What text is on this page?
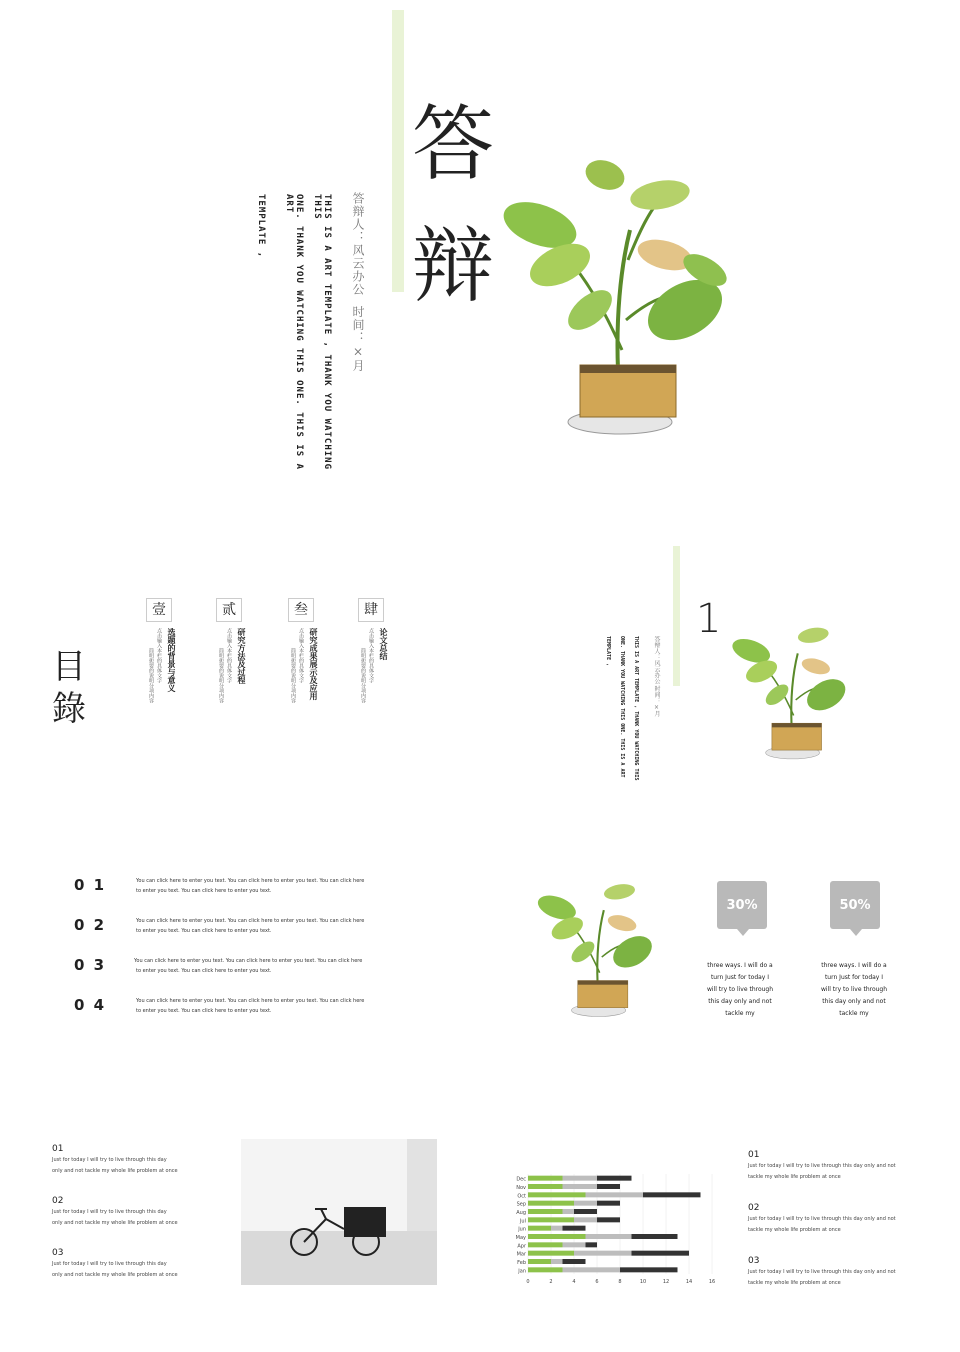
答
辩
答辩人：风云办公  时间：×月
THIS IS A ART TEMPLATE , THANK YOU WATCHING THIS
ONE. THANK YOU WATCHING THIS ONE. THIS IS A ART
TEMPLATE ,
目
錄
壹
选题的背景与意义
点击输入本栏的具体文字
简明扼要的说明分项内容
贰
研究方法及过程
点击输入本栏的具体文字
简明扼要的说明分项内容
叁
研究成果展示及应用
点击输入本栏的具体文字
简明扼要的说明分项内容
肆
论文总结
点击输入本栏的具体文字
简明扼要的说明分项内容
1
答辩人：风云办公 时间：×月
THIS IS A ART TEMPLATE , THANK YOU WATCHING THIS
ONE. THANK YOU WATCHING THIS ONE. THIS IS A ART
TEMPLATE ,
0 1	You can click here to enter you text. You can click here to enter you text. You can click here
to enter you text. You can click here to enter you text.
0 2	You can click here to enter you text. You can click here to enter you text. You can click here
to enter you text. You can click here to enter you text.
0 3	You can click here to enter you text. You can click here to enter you text. You can click here
to enter you text. You can click here to enter you text.
0 4	You can click here to enter you text. You can click here to enter you text. You can click here
to enter you text. You can click here to enter you text.
30%
three ways. I will do a
turn Just for today I
will try to live through
this day only and not
tackle my
50%
three ways. I will do a
turn Just for today I
will try to live through
this day only and not
tackle my
01
Just for today I will try to live through this day
only and not tackle my whole life problem at once
02
Just for today I will try to live through this day
only and not tackle my whole life problem at once
03
Just for today I will try to live through this day
only and not tackle my whole life problem at once
0	2	4	6	8	10	12	14	16
Jan
Feb
Mar
Apr
May
Jun
Jul
Aug
Sep
Oct
Nov
Dec
01
Just for today I will try to live through this day only and not
tackle my whole life problem at once
02
Just for today I will try to live through this day only and not
tackle my whole life problem at once
03
Just for today I will try to live through this day only and not
tackle my whole life problem at once
